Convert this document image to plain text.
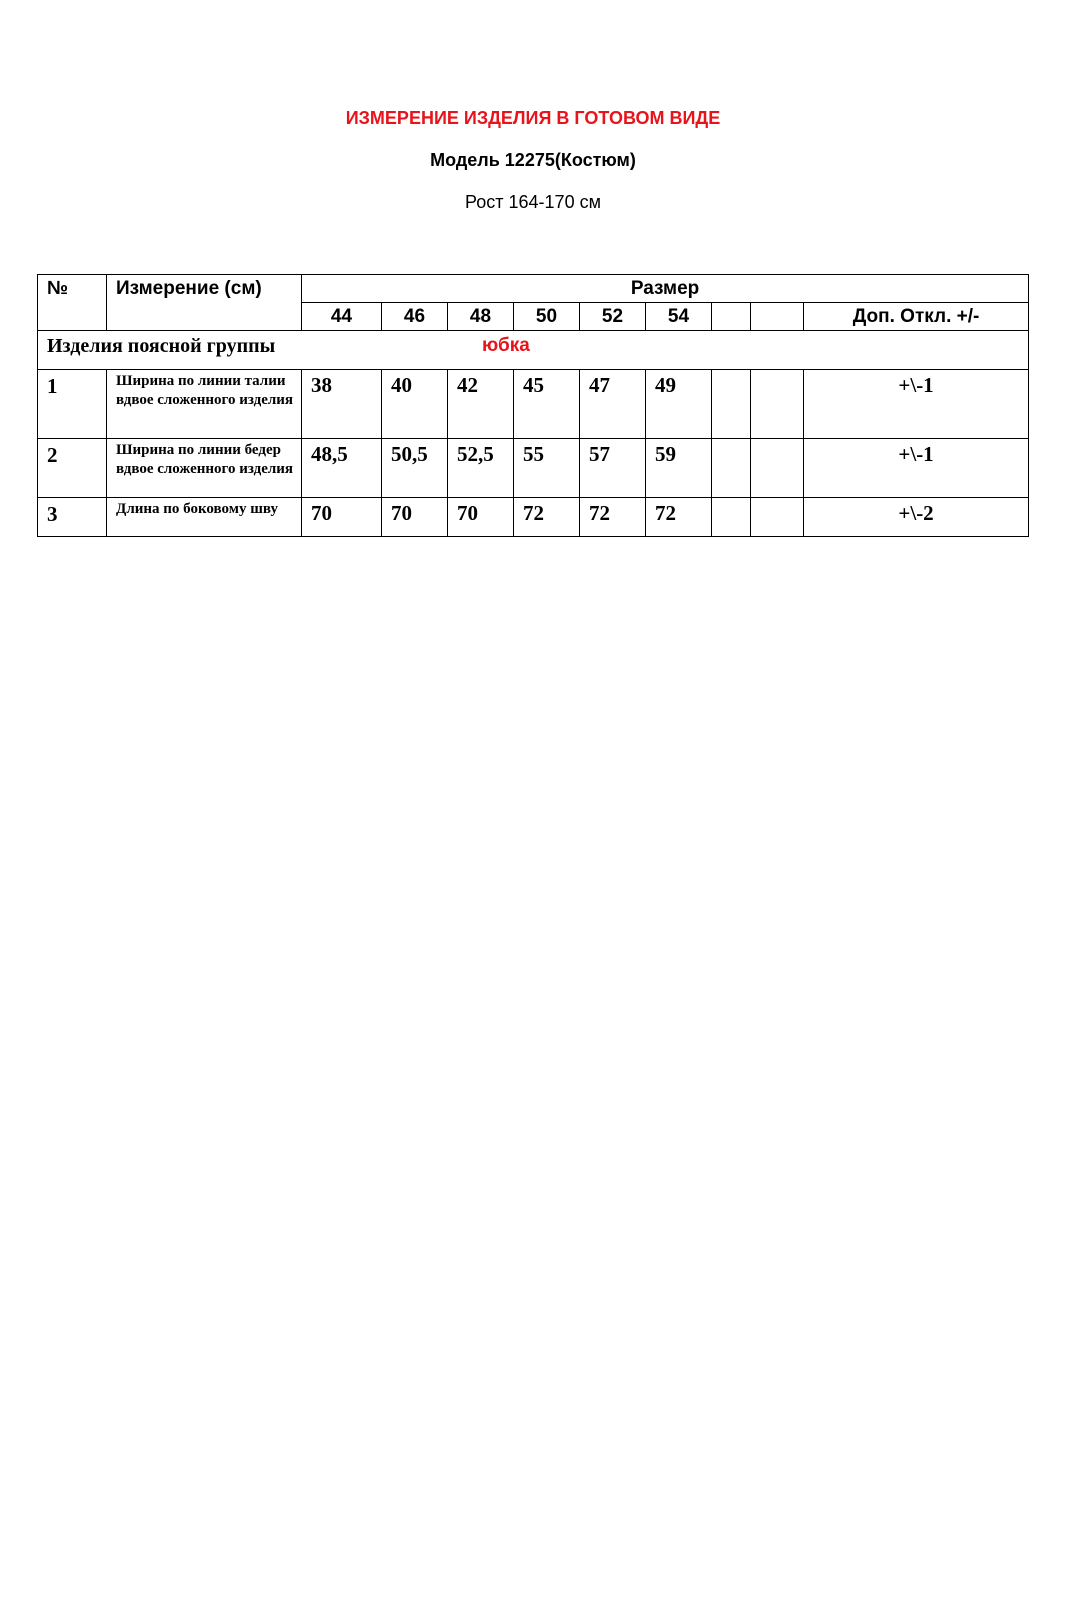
ИЗМЕРЕНИЕ ИЗДЕЛИЯ В ГОТОВОМ ВИДЕ
Модель 12275(Костюм)
Рост 164-170 см
№	Измерение (см)	Размер								
		44	46	48	50	52	54			Доп. Откл. +/-
Изделия поясной группы юбка										

1	Ширина по линии талии вдвое сложенного изделия	38	40	42	45	47	49			+\-1
2	Ширина по линии бедер вдвое сложенного изделия	48,5	50,5	52,5	55	57	59			+\-1
3	Длина по боковому шву	70	70	70	72	72	72			+\-2
